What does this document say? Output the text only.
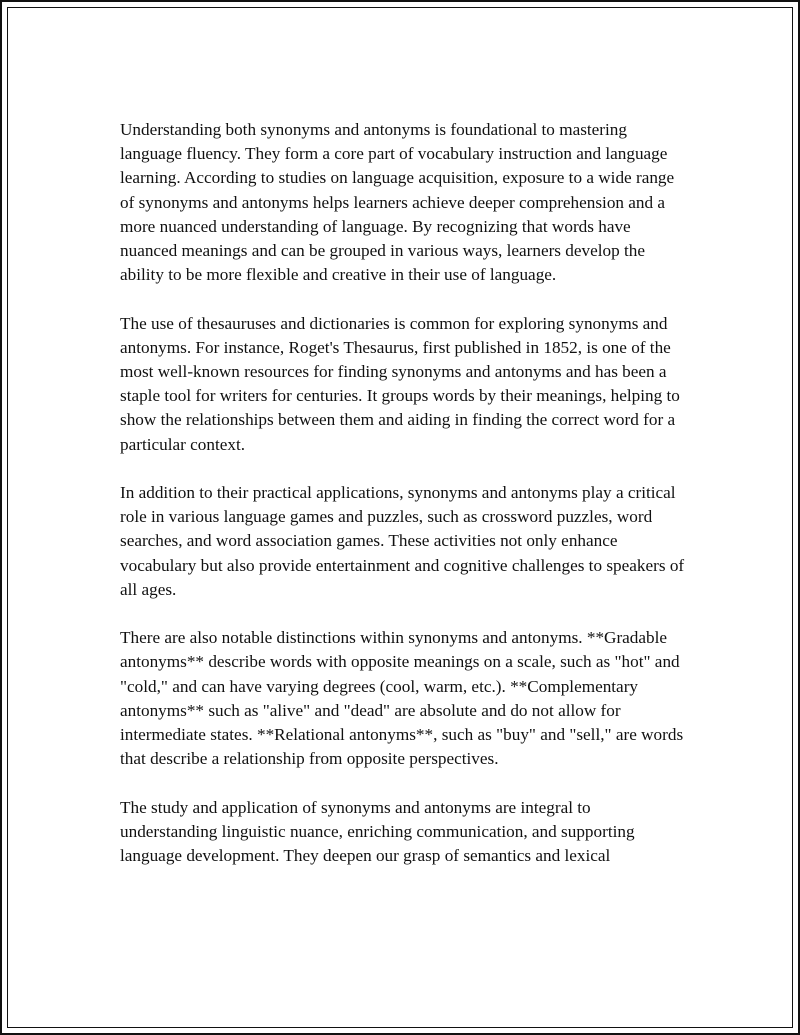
Understanding both synonyms and antonyms is foundational to mastering language fluency. They form a core part of vocabulary instruction and language learning. According to studies on language acquisition, exposure to a wide range of synonyms and antonyms helps learners achieve deeper comprehension and a more nuanced understanding of language. By recognizing that words have nuanced meanings and can be grouped in various ways, learners develop the ability to be more flexible and creative in their use of language.

The use of thesauruses and dictionaries is common for exploring synonyms and antonyms. For instance, Roget's Thesaurus, first published in 1852, is one of the most well-known resources for finding synonyms and antonyms and has been a staple tool for writers for centuries. It groups words by their meanings, helping to show the relationships between them and aiding in finding the correct word for a particular context.

In addition to their practical applications, synonyms and antonyms play a critical role in various language games and puzzles, such as crossword puzzles, word searches, and word association games. These activities not only enhance vocabulary but also provide entertainment and cognitive challenges to speakers of all ages.

There are also notable distinctions within synonyms and antonyms. **Gradable antonyms** describe words with opposite meanings on a scale, such as "hot" and "cold," and can have varying degrees (cool, warm, etc.). **Complementary antonyms** such as "alive" and "dead" are absolute and do not allow for intermediate states. **Relational antonyms**, such as "buy" and "sell," are words that describe a relationship from opposite perspectives.

The study and application of synonyms and antonyms are integral to understanding linguistic nuance, enriching communication, and supporting language development. They deepen our grasp of semantics and lexical
